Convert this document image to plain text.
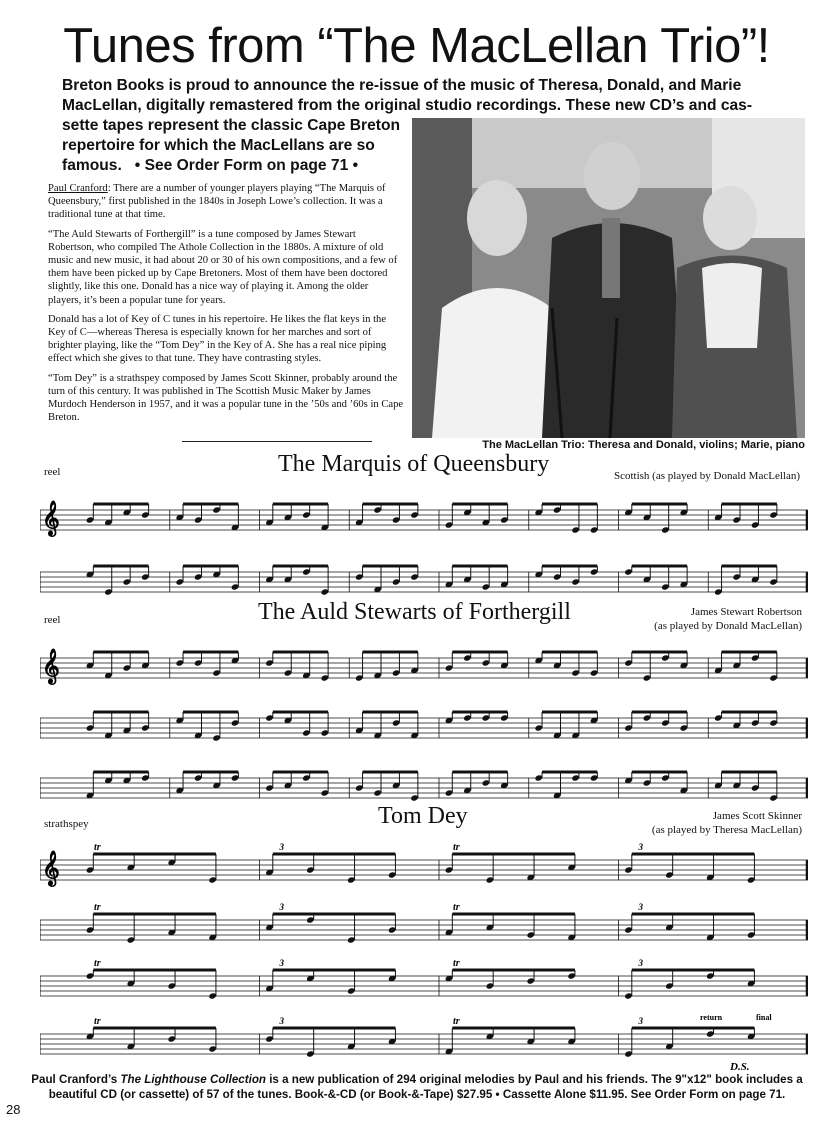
Tunes from “The MacLellan Trio”!
Breton Books is proud to announce the re-issue of the music of Theresa, Donald, and Marie MacLellan, digitally remastered from the original studio recordings. These new CD’s and cas-
sette tapes represent the classic Cape Breton repertoire for which the MacLellans are so famous. • See Order Form on page 71 •
The MacLellan Trio: Theresa and Donald, violins; Marie, piano

Paul Cranford: There are a number of younger players playing “The Marquis of Queensbury,” first published in the 1840s in Joseph Lowe’s collection. It was a traditional tune at that time.

“The Auld Stewarts of Forthergill” is a tune composed by James Stewart Robertson, who compiled The Athole Collection in the 1880s. A mixture of old music and new music, it had about 20 or 30 of his own compositions, and a few of them have been picked up by Cape Bretoners. Most of them have been doctored slightly, like this one. Donald has a nice way of playing it. Among the older players, it’s been a popular tune for years.

Donald has a lot of Key of C tunes in his repertoire. He likes the flat keys in the Key of C—whereas Theresa is especially known for her marches and sort of brighter playing, like the “Tom Dey” in the Key of A. She has a real nice piping effect which she gives to that tune. They have contrasting styles.

“Tom Dey” is a strathspey composed by James Scott Skinner, probably around the turn of this century. It was published in The Scottish Music Maker by James Murdoch Henderson in 1957, and it was a popular tune in the ’50s and ’60s in Cape Breton.

reel	The Marquis of Queensbury	Scottish (as played by Donald MacLellan)
𝄞
reel	The Auld Stewarts of Forthergill	James Stewart Robertson
(as played by Donald MacLellan)
𝄞
strathspey	Tom Dey	James Scott Skinner
(as played by Theresa MacLellan)
𝄞
tr	3	tr	3
tr	3	tr	3
tr	3	tr	3
tr	3	tr	3	return	final
D.S.
Paul Cranford’s The Lighthouse Collection is a new publication of 294 original melodies by Paul and his friends. The 9"x12" book includes a beautiful CD (or cassette) of 57 of the tunes. Book-&-CD (or Book-&-Tape) $27.95 • Cassette Alone $11.95. See Order Form on page 71.
28
